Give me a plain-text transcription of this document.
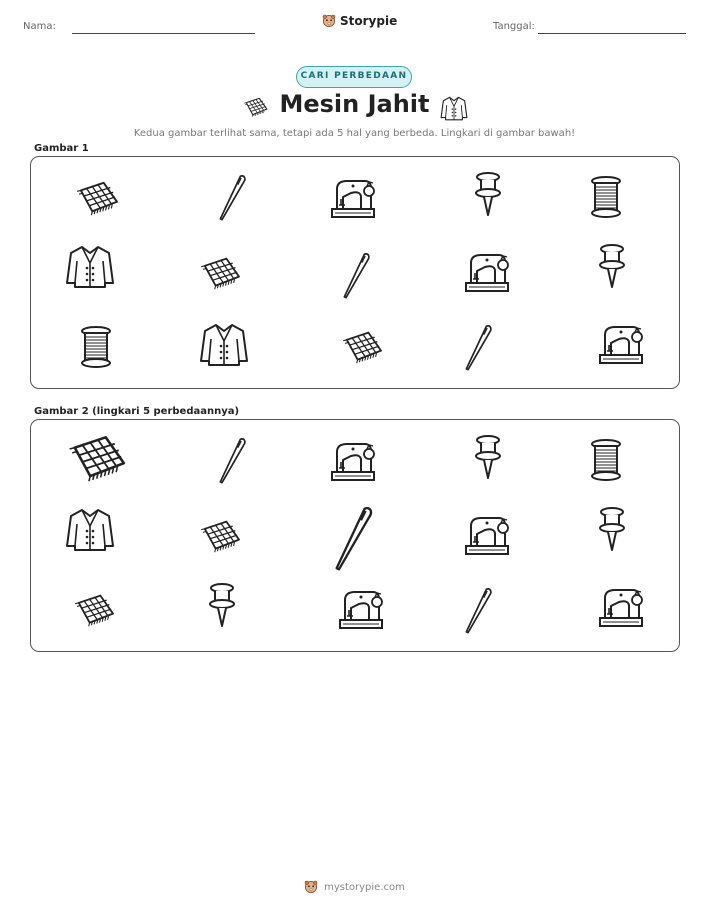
Nama:	Storypie	Tanggal:
CARI PERBEDAAN
Mesin Jahit
Kedua gambar terlihat sama, tetapi ada 5 hal yang berbeda. Lingkari di gambar bawah!
Gambar 1
Gambar 2 (lingkari 5 perbedaannya)
mystorypie.com
